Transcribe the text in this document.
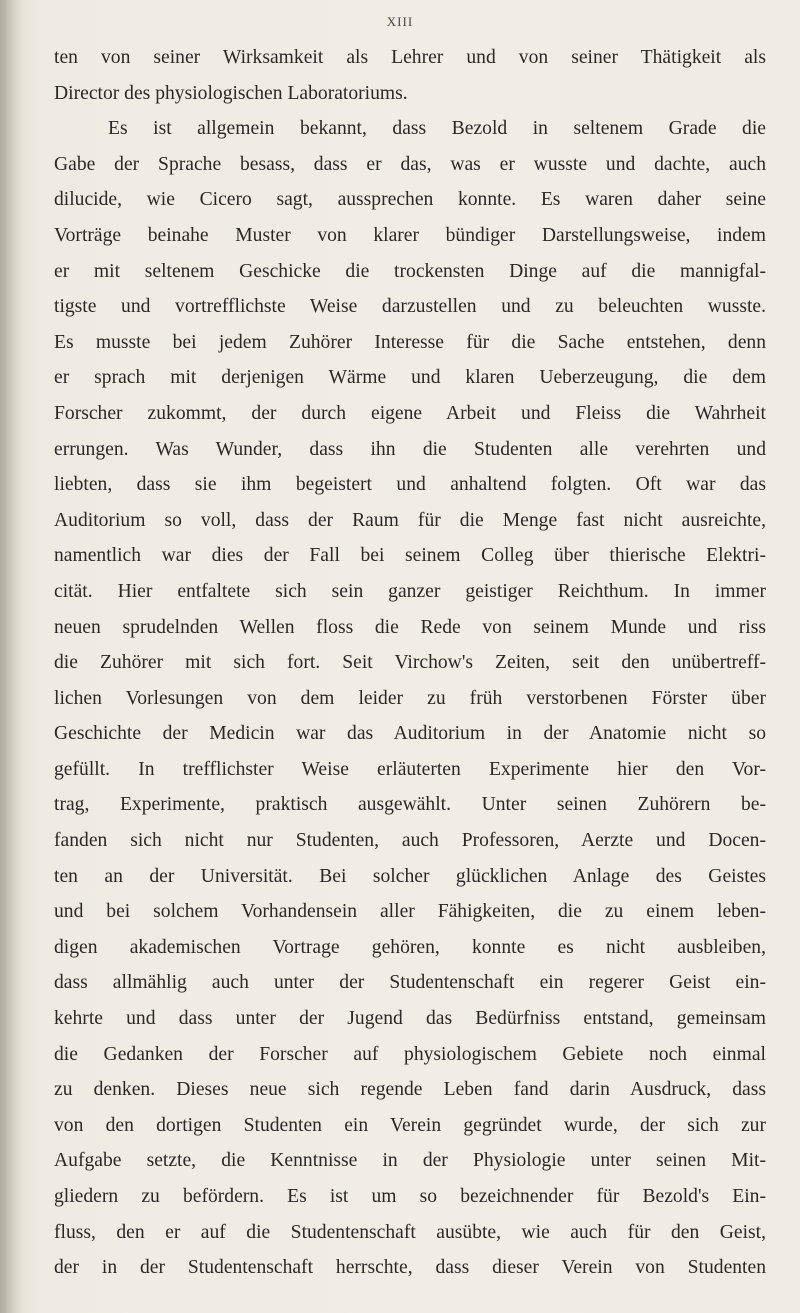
XIII
ten von seiner Wirksamkeit als Lehrer und von seiner Thätigkeit als
Director des physiologischen Laboratoriums.
Es ist allgemein bekannt, dass Bezold in seltenem Grade die
Gabe der Sprache besass, dass er das, was er wusste und dachte, auch
dilucide, wie Cicero sagt, aussprechen konnte. Es waren daher seine
Vorträge beinahe Muster von klarer bündiger Darstellungsweise, indem
er mit seltenem Geschicke die trockensten Dinge auf die mannigfal-
tigste und vortrefflichste Weise darzustellen und zu beleuchten wusste.
Es musste bei jedem Zuhörer Interesse für die Sache entstehen, denn
er sprach mit derjenigen Wärme und klaren Ueberzeugung, die dem
Forscher zukommt, der durch eigene Arbeit und Fleiss die Wahrheit
errungen. Was Wunder, dass ihn die Studenten alle verehrten und
liebten, dass sie ihm begeistert und anhaltend folgten. Oft war das
Auditorium so voll, dass der Raum für die Menge fast nicht ausreichte,
namentlich war dies der Fall bei seinem Colleg über thierische Elektri-
cität. Hier entfaltete sich sein ganzer geistiger Reichthum. In immer
neuen sprudelnden Wellen floss die Rede von seinem Munde und riss
die Zuhörer mit sich fort. Seit Virchow's Zeiten, seit den unübertreff-
lichen Vorlesungen von dem leider zu früh verstorbenen Förster über
Geschichte der Medicin war das Auditorium in der Anatomie nicht so
gefüllt. In trefflichster Weise erläuterten Experimente hier den Vor-
trag, Experimente, praktisch ausgewählt. Unter seinen Zuhörern be-
fanden sich nicht nur Studenten, auch Professoren, Aerzte und Docen-
ten an der Universität. Bei solcher glücklichen Anlage des Geistes
und bei solchem Vorhandensein aller Fähigkeiten, die zu einem leben-
digen akademischen Vortrage gehören, konnte es nicht ausbleiben,
dass allmählig auch unter der Studentenschaft ein regerer Geist ein-
kehrte und dass unter der Jugend das Bedürfniss entstand, gemeinsam
die Gedanken der Forscher auf physiologischem Gebiete noch einmal
zu denken. Dieses neue sich regende Leben fand darin Ausdruck, dass
von den dortigen Studenten ein Verein gegründet wurde, der sich zur
Aufgabe setzte, die Kenntnisse in der Physiologie unter seinen Mit-
gliedern zu befördern. Es ist um so bezeichnender für Bezold's Ein-
fluss, den er auf die Studentenschaft ausübte, wie auch für den Geist,
der in der Studentenschaft herrschte, dass dieser Verein von Studenten
